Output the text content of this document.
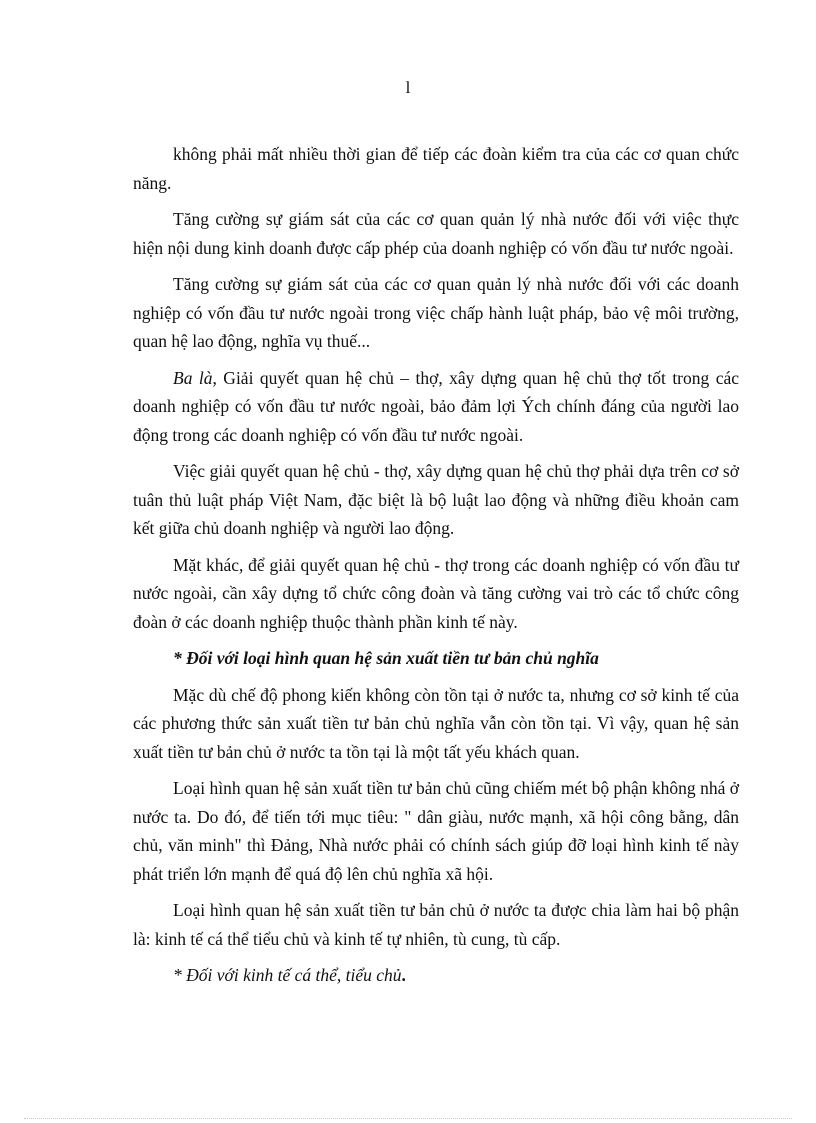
l

không phải mất nhiều thời gian để tiếp các đoàn kiểm tra của các cơ quan chức năng.

Tăng cường sự giám sát của các cơ quan quản lý nhà nước đối với việc thực hiện nội dung kinh doanh được cấp phép của doanh nghiệp có vốn đầu tư nước ngoài.

Tăng cường sự giám sát của các cơ quan quản lý nhà nước đối với các doanh nghiệp có vốn đầu tư nước ngoài trong việc chấp hành luật pháp, bảo vệ môi trường, quan hệ lao động, nghĩa vụ thuế...

Ba là, Giải quyết quan hệ chủ – thợ, xây dựng quan hệ chủ thợ tốt trong các doanh nghiệp có vốn đầu tư nước ngoài, bảo đảm lợi Ých chính đáng của người lao động trong các doanh nghiệp có vốn đầu tư nước ngoài.

Việc giải quyết quan hệ chủ - thợ, xây dựng quan hệ chủ thợ phải dựa trên cơ sở tuân thủ luật pháp Việt Nam, đặc biệt là bộ luật lao động và những điều khoản cam kết giữa chủ doanh nghiệp và người lao động.

Mặt khác, để giải quyết quan hệ chủ - thợ trong các doanh nghiệp có vốn đầu tư nước ngoài, cần xây dựng tổ chức công đoàn và tăng cường vai trò các tổ chức công đoàn ở các doanh nghiệp thuộc thành phần kinh tế này.

* Đối với loại hình quan hệ sản xuất tiền tư bản chủ nghĩa

Mặc dù chế độ phong kiến không còn tồn tại ở nước ta, nhưng cơ sở kinh tế của các phương thức sản xuất tiền tư bản chủ nghĩa vẫn còn tồn tại. Vì vậy, quan hệ sản xuất tiền tư bản chủ ở nước ta tồn tại là một tất yếu khách quan.

Loại hình quan hệ sản xuất tiền tư bản chủ cũng chiếm mét bộ phận không nhá ở nước ta. Do đó, để tiến tới mục tiêu: " dân giàu, nước mạnh, xã hội công bằng, dân chủ, văn minh" thì Đảng, Nhà nước phải có chính sách giúp đỡ loại hình kinh tế này phát triển lớn mạnh để quá độ lên chủ nghĩa xã hội.

Loại hình quan hệ sản xuất tiền tư bản chủ ở nước ta được chia làm hai bộ phận là: kinh tế cá thể tiểu chủ và kinh tế tự nhiên, tù cung, tù cấp.

* Đối với kinh tế cá thể, tiểu chủ.
